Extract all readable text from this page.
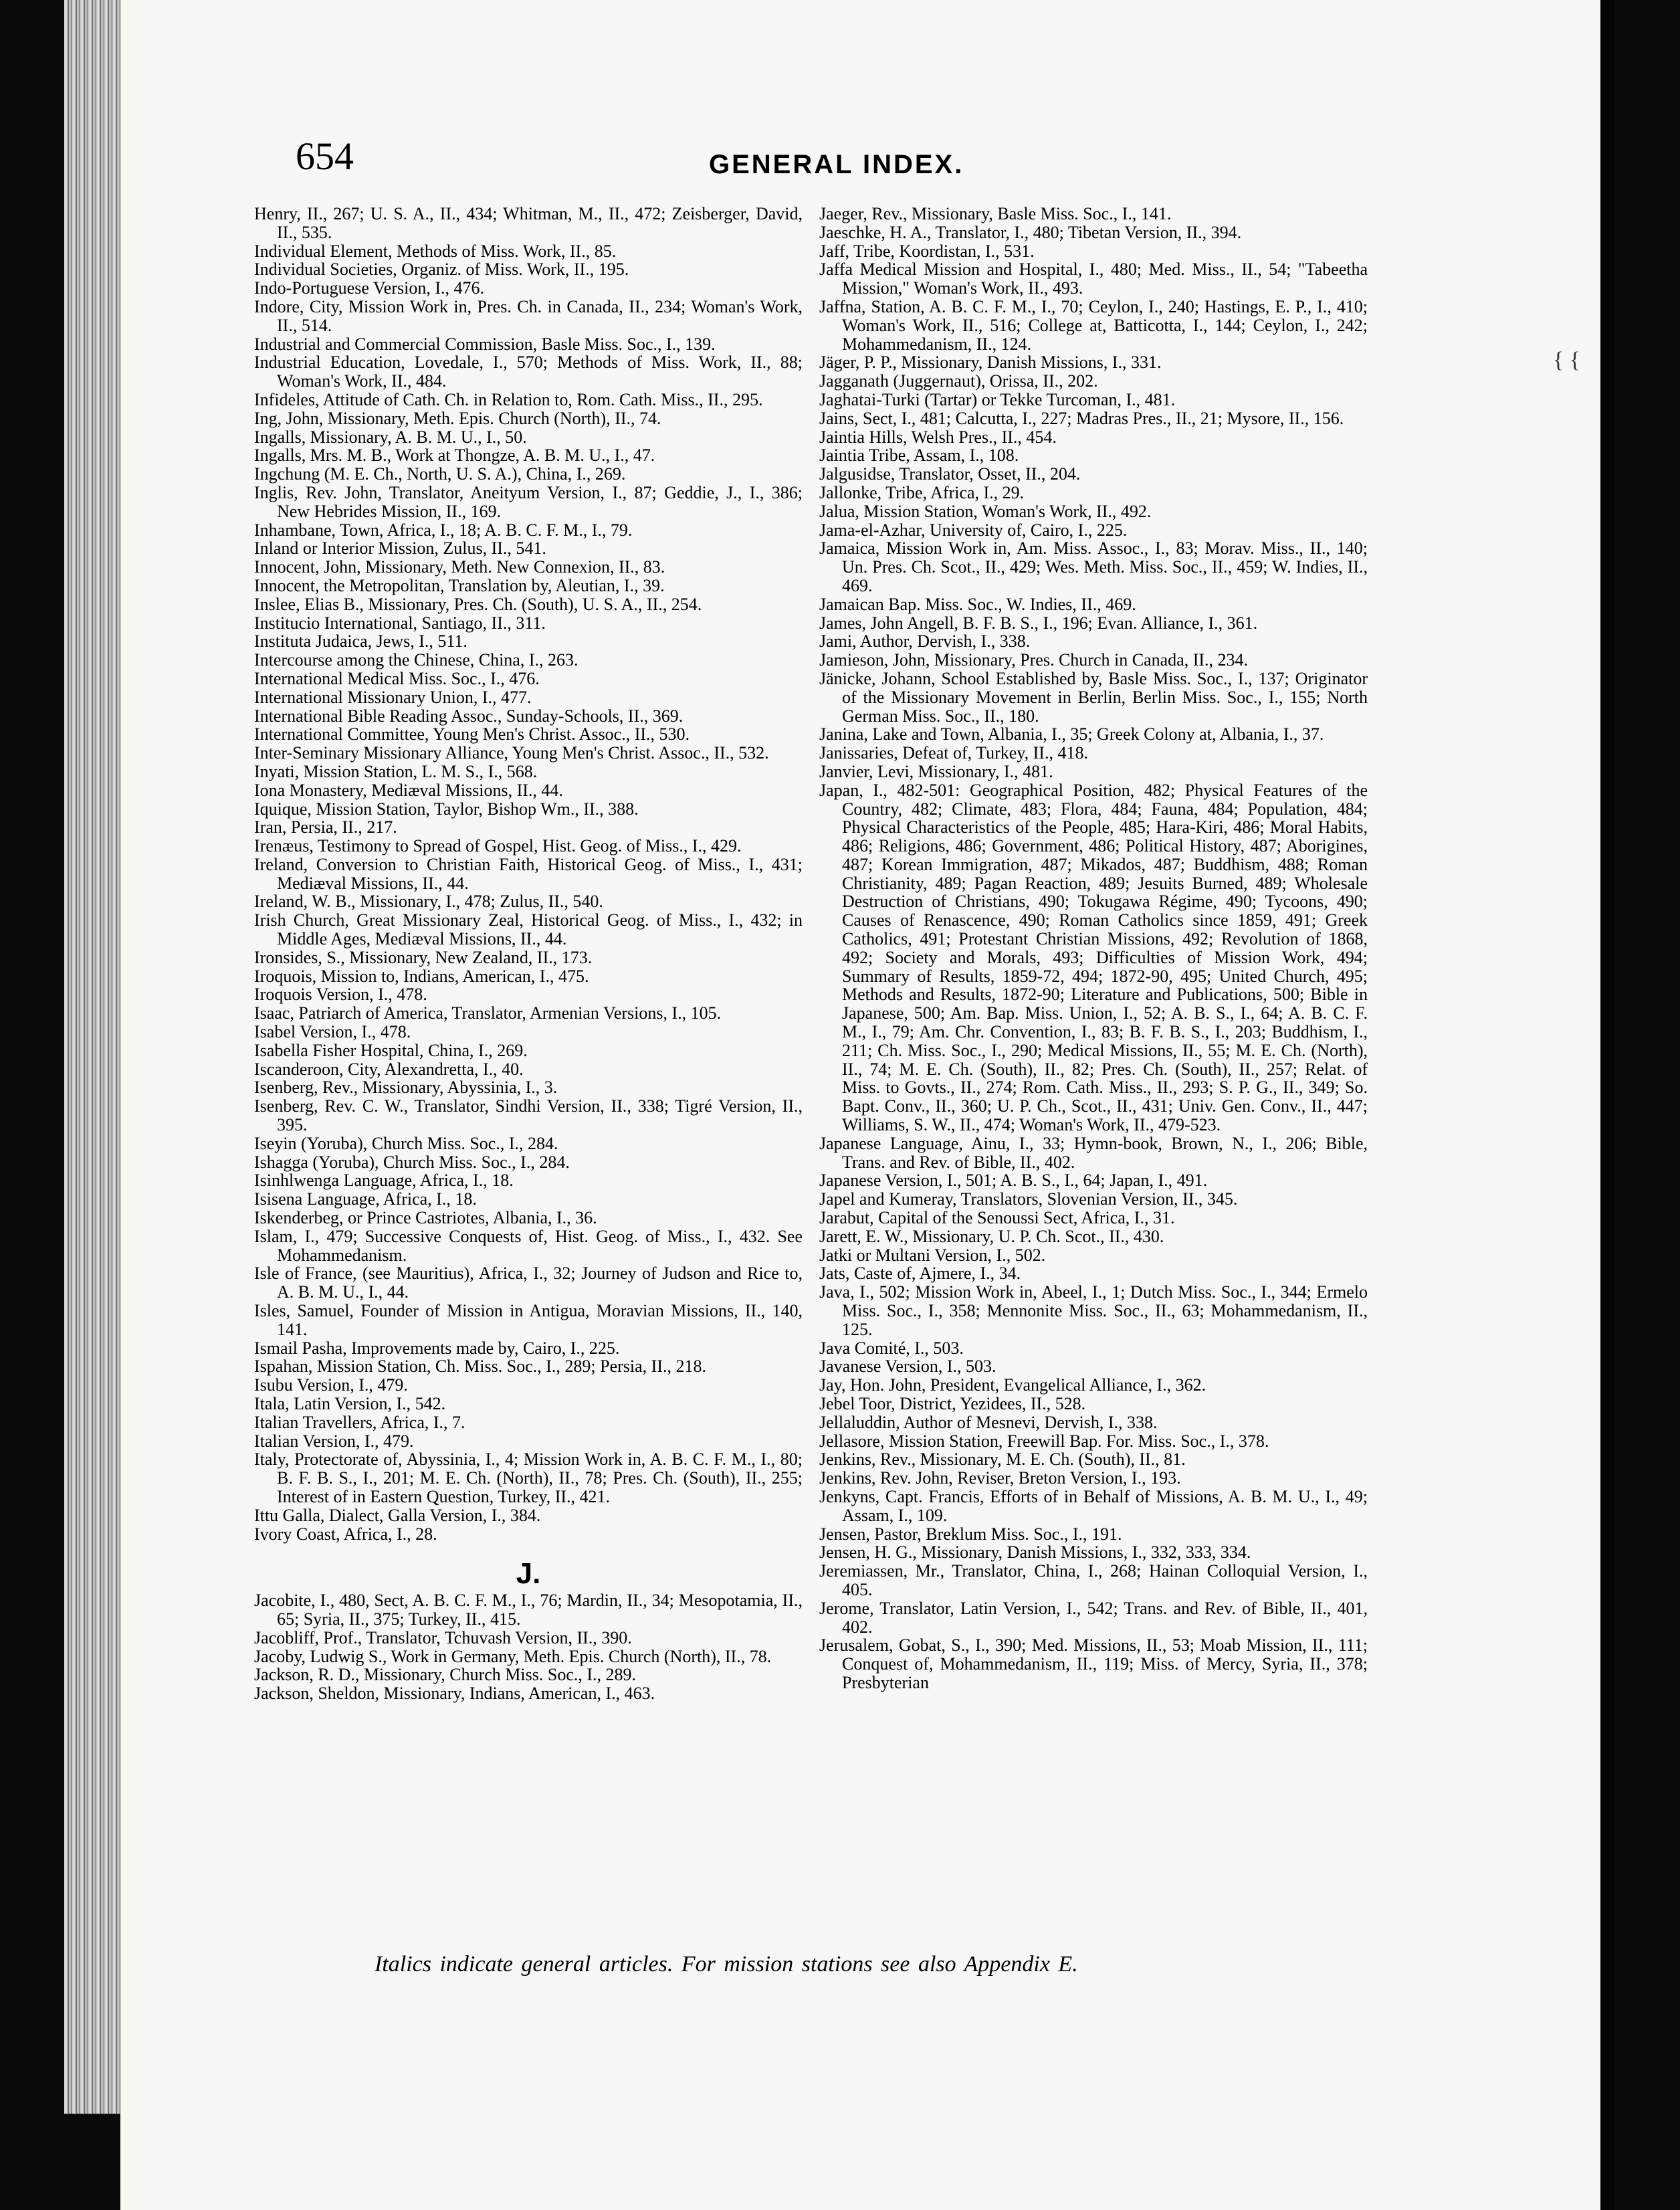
{ {
654	GENERAL INDEX.

Henry, II., 267; U. S. A., II., 434; Whitman, M., II., 472; Zeisberger, David, II., 535.

Individual Element, Methods of Miss. Work, II., 85.

Individual Societies, Organiz. of Miss. Work, II., 195.

Indo-Portuguese Version, I., 476.

Indore, City, Mission Work in, Pres. Ch. in Canada, II., 234; Woman's Work, II., 514.

Industrial and Commercial Commission, Basle Miss. Soc., I., 139.

Industrial Education, Lovedale, I., 570; Methods of Miss. Work, II., 88; Woman's Work, II., 484.

Infideles, Attitude of Cath. Ch. in Relation to, Rom. Cath. Miss., II., 295.

Ing, John, Missionary, Meth. Epis. Church (North), II., 74.

Ingalls, Missionary, A. B. M. U., I., 50.

Ingalls, Mrs. M. B., Work at Thongze, A. B. M. U., I., 47.

Ingchung (M. E. Ch., North, U. S. A.), China, I., 269.

Inglis, Rev. John, Translator, Aneityum Version, I., 87; Geddie, J., I., 386; New Hebrides Mission, II., 169.

Inhambane, Town, Africa, I., 18; A. B. C. F. M., I., 79.

Inland or Interior Mission, Zulus, II., 541.

Innocent, John, Missionary, Meth. New Connexion, II., 83.

Innocent, the Metropolitan, Translation by, Aleutian, I., 39.

Inslee, Elias B., Missionary, Pres. Ch. (South), U. S. A., II., 254.

Institucio International, Santiago, II., 311.

Instituta Judaica, Jews, I., 511.

Intercourse among the Chinese, China, I., 263.

International Medical Miss. Soc., I., 476.

International Missionary Union, I., 477.

International Bible Reading Assoc., Sunday-Schools, II., 369.

International Committee, Young Men's Christ. Assoc., II., 530.

Inter-Seminary Missionary Alliance, Young Men's Christ. Assoc., II., 532.

Inyati, Mission Station, L. M. S., I., 568.

Iona Monastery, Mediæval Missions, II., 44.

Iquique, Mission Station, Taylor, Bishop Wm., II., 388.

Iran, Persia, II., 217.

Irenæus, Testimony to Spread of Gospel, Hist. Geog. of Miss., I., 429.

Ireland, Conversion to Christian Faith, Historical Geog. of Miss., I., 431; Mediæval Missions, II., 44.

Ireland, W. B., Missionary, I., 478; Zulus, II., 540.

Irish Church, Great Missionary Zeal, Historical Geog. of Miss., I., 432; in Middle Ages, Mediæval Missions, II., 44.

Ironsides, S., Missionary, New Zealand, II., 173.

Iroquois, Mission to, Indians, American, I., 475.

Iroquois Version, I., 478.

Isaac, Patriarch of America, Translator, Armenian Versions, I., 105.

Isabel Version, I., 478.

Isabella Fisher Hospital, China, I., 269.

Iscanderoon, City, Alexandretta, I., 40.

Isenberg, Rev., Missionary, Abyssinia, I., 3.

Isenberg, Rev. C. W., Translator, Sindhi Version, II., 338; Tigré Version, II., 395.

Iseyin (Yoruba), Church Miss. Soc., I., 284.

Ishagga (Yoruba), Church Miss. Soc., I., 284.

Isinhlwenga Language, Africa, I., 18.

Isisena Language, Africa, I., 18.

Iskenderbeg, or Prince Castriotes, Albania, I., 36.

Islam, I., 479; Successive Conquests of, Hist. Geog. of Miss., I., 432. See Mohammedanism.

Isle of France, (see Mauritius), Africa, I., 32; Journey of Judson and Rice to, A. B. M. U., I., 44.

Isles, Samuel, Founder of Mission in Antigua, Moravian Missions, II., 140, 141.

Ismail Pasha, Improvements made by, Cairo, I., 225.

Ispahan, Mission Station, Ch. Miss. Soc., I., 289; Persia, II., 218.

Isubu Version, I., 479.

Itala, Latin Version, I., 542.

Italian Travellers, Africa, I., 7.

Italian Version, I., 479.

Italy, Protectorate of, Abyssinia, I., 4; Mission Work in, A. B. C. F. M., I., 80; B. F. B. S., I., 201; M. E. Ch. (North), II., 78; Pres. Ch. (South), II., 255; Interest of in Eastern Question, Turkey, II., 421.

Ittu Galla, Dialect, Galla Version, I., 384.

Ivory Coast, Africa, I., 28.

J.

Jacobite, I., 480, Sect, A. B. C. F. M., I., 76; Mardin, II., 34; Mesopotamia, II., 65; Syria, II., 375; Turkey, II., 415.

Jacobliff, Prof., Translator, Tchuvash Version, II., 390.

Jacoby, Ludwig S., Work in Germany, Meth. Epis. Church (North), II., 78.

Jackson, R. D., Missionary, Church Miss. Soc., I., 289.

Jackson, Sheldon, Missionary, Indians, American, I., 463.

Jaeger, Rev., Missionary, Basle Miss. Soc., I., 141.

Jaeschke, H. A., Translator, I., 480; Tibetan Version, II., 394.

Jaff, Tribe, Koordistan, I., 531.

Jaffa Medical Mission and Hospital, I., 480; Med. Miss., II., 54; "Tabeetha Mission," Woman's Work, II., 493.

Jaffna, Station, A. B. C. F. M., I., 70; Ceylon, I., 240; Hastings, E. P., I., 410; Woman's Work, II., 516; College at, Batticotta, I., 144; Ceylon, I., 242; Mohammedanism, II., 124.

Jäger, P. P., Missionary, Danish Missions, I., 331.

Jagganath (Juggernaut), Orissa, II., 202.

Jaghatai-Turki (Tartar) or Tekke Turcoman, I., 481.

Jains, Sect, I., 481; Calcutta, I., 227; Madras Pres., II., 21; Mysore, II., 156.

Jaintia Hills, Welsh Pres., II., 454.

Jaintia Tribe, Assam, I., 108.

Jalgusidse, Translator, Osset, II., 204.

Jallonke, Tribe, Africa, I., 29.

Jalua, Mission Station, Woman's Work, II., 492.

Jama-el-Azhar, University of, Cairo, I., 225.

Jamaica, Mission Work in, Am. Miss. Assoc., I., 83; Morav. Miss., II., 140; Un. Pres. Ch. Scot., II., 429; Wes. Meth. Miss. Soc., II., 459; W. Indies, II., 469.

Jamaican Bap. Miss. Soc., W. Indies, II., 469.

James, John Angell, B. F. B. S., I., 196; Evan. Alliance, I., 361.

Jami, Author, Dervish, I., 338.

Jamieson, John, Missionary, Pres. Church in Canada, II., 234.

Jänicke, Johann, School Established by, Basle Miss. Soc., I., 137; Originator of the Missionary Movement in Berlin, Berlin Miss. Soc., I., 155; North German Miss. Soc., II., 180.

Janina, Lake and Town, Albania, I., 35; Greek Colony at, Albania, I., 37.

Janissaries, Defeat of, Turkey, II., 418.

Janvier, Levi, Missionary, I., 481.

Japan, I., 482-501: Geographical Position, 482; Physical Features of the Country, 482; Climate, 483; Flora, 484; Fauna, 484; Population, 484; Physical Characteristics of the People, 485; Hara-Kiri, 486; Moral Habits, 486; Religions, 486; Government, 486; Political History, 487; Aborigines, 487; Korean Immigration, 487; Mikados, 487; Buddhism, 488; Roman Christianity, 489; Pagan Reaction, 489; Jesuits Burned, 489; Wholesale Destruction of Christians, 490; Tokugawa Régime, 490; Tycoons, 490; Causes of Renascence, 490; Roman Catholics since 1859, 491; Greek Catholics, 491; Protestant Christian Missions, 492; Revolution of 1868, 492; Society and Morals, 493; Difficulties of Mission Work, 494; Summary of Results, 1859-72, 494; 1872-90, 495; United Church, 495; Methods and Results, 1872-90; Literature and Publications, 500; Bible in Japanese, 500; Am. Bap. Miss. Union, I., 52; A. B. S., I., 64; A. B. C. F. M., I., 79; Am. Chr. Convention, I., 83; B. F. B. S., I., 203; Buddhism, I., 211; Ch. Miss. Soc., I., 290; Medical Missions, II., 55; M. E. Ch. (North), II., 74; M. E. Ch. (South), II., 82; Pres. Ch. (South), II., 257; Relat. of Miss. to Govts., II., 274; Rom. Cath. Miss., II., 293; S. P. G., II., 349; So. Bapt. Conv., II., 360; U. P. Ch., Scot., II., 431; Univ. Gen. Conv., II., 447; Williams, S. W., II., 474; Woman's Work, II., 479-523.

Japanese Language, Ainu, I., 33; Hymn-book, Brown, N., I., 206; Bible, Trans. and Rev. of Bible, II., 402.

Japanese Version, I., 501; A. B. S., I., 64; Japan, I., 491.

Japel and Kumeray, Translators, Slovenian Version, II., 345.

Jarabut, Capital of the Senoussi Sect, Africa, I., 31.

Jarett, E. W., Missionary, U. P. Ch. Scot., II., 430.

Jatki or Multani Version, I., 502.

Jats, Caste of, Ajmere, I., 34.

Java, I., 502; Mission Work in, Abeel, I., 1; Dutch Miss. Soc., I., 344; Ermelo Miss. Soc., I., 358; Mennonite Miss. Soc., II., 63; Mohammedanism, II., 125.

Java Comité, I., 503.

Javanese Version, I., 503.

Jay, Hon. John, President, Evangelical Alliance, I., 362.

Jebel Toor, District, Yezidees, II., 528.

Jellaluddin, Author of Mesnevi, Dervish, I., 338.

Jellasore, Mission Station, Freewill Bap. For. Miss. Soc., I., 378.

Jenkins, Rev., Missionary, M. E. Ch. (South), II., 81.

Jenkins, Rev. John, Reviser, Breton Version, I., 193.

Jenkyns, Capt. Francis, Efforts of in Behalf of Missions, A. B. M. U., I., 49; Assam, I., 109.

Jensen, Pastor, Breklum Miss. Soc., I., 191.

Jensen, H. G., Missionary, Danish Missions, I., 332, 333, 334.

Jeremiassen, Mr., Translator, China, I., 268; Hainan Colloquial Version, I., 405.

Jerome, Translator, Latin Version, I., 542; Trans. and Rev. of Bible, II., 401, 402.

Jerusalem, Gobat, S., I., 390; Med. Missions, II., 53; Moab Mission, II., 111; Conquest of, Mohammedanism, II., 119; Miss. of Mercy, Syria, II., 378; Presbyterian

Italics indicate general articles. For mission stations see also Appendix E.
